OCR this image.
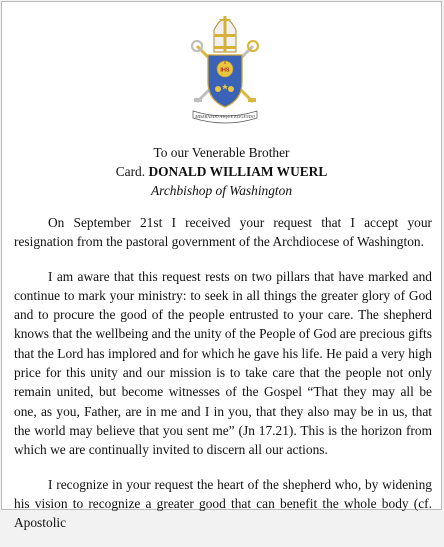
IHS
MISERANDO ATQUE ELIGENDO
To our Venerable Brother
Card. DONALD WILLIAM WUERL
Archbishop of Washington

On September 21st I received your request that I accept your resignation from the pastoral government of the Archdiocese of Washington.

I am aware that this request rests on two pillars that have marked and continue to mark your ministry: to seek in all things the greater glory of God and to procure the good of the people entrusted to your care. The shepherd knows that the wellbeing and the unity of the People of God are precious gifts that the Lord has implored and for which he gave his life. He paid a very high price for this unity and our mission is to take care that the people not only remain united, but become witnesses of the Gospel “That they may all be one, as you, Father, are in me and I in you, that they also may be in us, that the world may believe that you sent me” (Jn 17.21). This is the horizon from which we are continually invited to discern all our actions.

I recognize in your request the heart of the shepherd who, by widening his vision to recognize a greater good that can benefit the whole body (cf. Apostolic
